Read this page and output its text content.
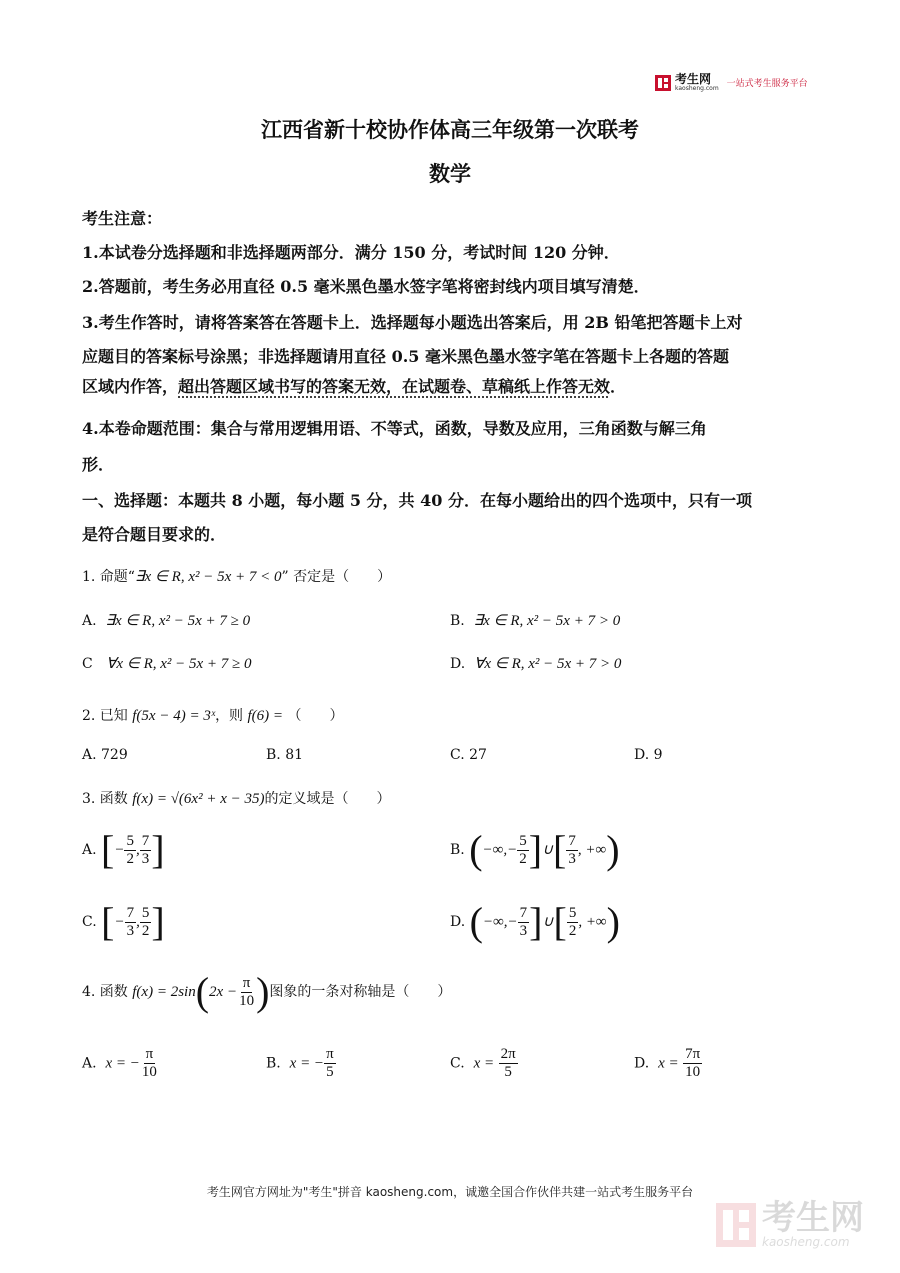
考生网
kaosheng.com 一站式考生服务平台
江西省新十校协作体高三年级第一次联考
数学
考生注意：
1.本试卷分选择题和非选择题两部分．满分 150 分，考试时间 120 分钟．
2.答题前，考生务必用直径 0.5 毫米黑色墨水签字笔将密封线内项目填写清楚．
3.考生作答时，请将答案答在答题卡上．选择题每小题选出答案后，用 2B 铅笔把答题卡上对
应题目的答案标号涂黑；非选择题请用直径 0.5 毫米黑色墨水签字笔在答题卡上各题的答题
区域内作答，超出答题区域书写的答案无效，在试题卷、草稿纸上作答无效．
4.本卷命题范围：集合与常用逻辑用语、不等式，函数，导数及应用，三角函数与解三角
形．
一、选择题：本题共 8 小题，每小题 5 分，共 40 分．在每小题给出的四个选项中，只有一项
是符合题目要求的．
1. 命题“∃x ∈ R, x² − 5x + 7 < 0” 否定是（　　）
A. ∃x ∈ R, x² − 5x + 7 ≥ 0	B. ∃x ∈ R, x² − 5x + 7 > 0
C ∀x ∈ R, x² − 5x + 7 ≥ 0	D. ∀x ∈ R, x² − 5x + 7 > 0
2. 已知 f(5x − 4) = 3ˣ，则 f(6) = （　　）
A. 729	B. 81	C. 27	D. 9
3. 函数 f(x) = √(6x² + x − 35)的定义域是（　　）
A. [− $\frac{5}{2}$ , $\frac{7}{3}$ ]	B. (−∞,− $\frac{5}{2}$ ]∪[ $\frac{7}{3}$ , +∞)
C. [− $\frac{7}{3}$ , $\frac{5}{2}$ ]	D. (−∞,− $\frac{7}{3}$ ]∪[ $\frac{5}{2}$ , +∞)
4. 函数 $f(x) = 2\sin(2x - \frac{\pi}{10}$ )图象的一条对称轴是（　　）
A. x = − $\frac{\pi}{10}$	B. x = − $\frac{\pi}{5}$	C. $x = \frac{2\pi}{5}$	D. $x = \frac{7\pi}{10}$
考生网官方网址为"考生"拼音 kaosheng.com，诚邀全国合作伙伴共建一站式考生服务平台
考生网
kaosheng.com
